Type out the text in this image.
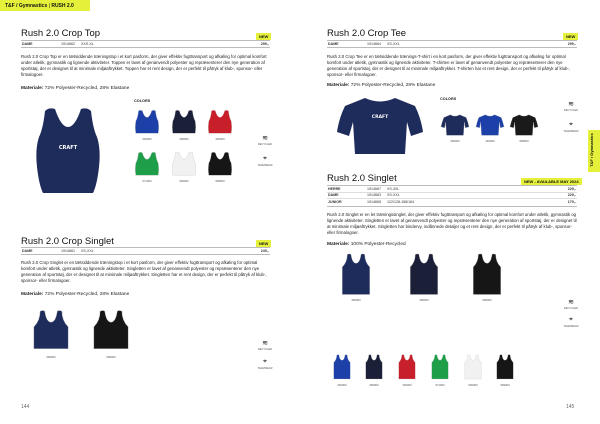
T&F / Gymnastics | RUSH 2.0
Rush 2.0 Crop Top	NEW
DAME	1914662	XXS-XL	299,-
Rush 2.0 Crop Top er en tætsiddende træningstop i et kort pasform, der giver effektiv fugttransport og afkøling for optimal komfort under atletik, gymnastik og lignende aktiviteter. Toppen er lavet af genanvendt polyester og repræsenterer den nye generation af sportstøj, der er designet til at minimale miljøaftrykket. Toppen har et rent design, der er perfekt til påtryk af klub-, sponsor- eller firmalogoer.
Materiale: 72% Polyester-Recycled, 28% Elastane
CRAFT
COLORS
392000	396000	430000
671000	900000	999000
≋
RECYCLED
⌖
TEAMWEAR
Rush 2.0 Crop Singlet	NEW
DAME	1914661	XS-XXL	249,-
Rush 2.0 Crop Singlet er en tætsiddende træningstop i et kort pasform, der giver effektiv fugttransport og afkøling for optimal komfort under atletik, gymnastik og lignende aktiviteter. Singletten er lavet af genanvendt polyester og repræsenterer den nye generation af sportstøj, der er designet til at minimale miljøaftrykket. Singletten har et rent design, der er perfekt til påtryk af klub-, sponsor- eller firmalogoer.
Materiale: 72% Polyester-Recycled, 28% Elastane
396000	999000
≋
RECYCLED
⌖
TEAMWEAR
144
Rush 2.0 Crop Tee	NEW
DAME	1914664	XS-XXL	299,-
Rush 2.0 Crop Tee er en tætsiddende trænings-T-shirt i en kort pasform, der giver effektiv fugttransport og afkøling for optimal komfort under atletik, gymnastik og lignende aktiviteter. T-shirten er lavet af genanvendt polyester og repræsenterer den nye generation af sportstøj, der er designet til at minimale miljøaftrykket. T-shirten har et rent design, der er perfekt til påtryk af klub-, sponsor- eller firmalogoer.
Materiale: 72% Polyester-Recycled, 28% Elastane
CRAFT
COLORS
396000	392000	999000
≋
RECYCLED
⌖
TEAMWEAR
T&F / Gymnastics
Rush 2.0 Singlet	NEW - AVAILABLE MAY 2024
HERRE	1914667	XS-3XL	229,-
DAME	1914663	XS-XXL	229,-
JUNIOR	1914665	122/128-158/164	179,-
Rush 2.0 Singlet er en let træningssinglet, der giver effektiv fugttransport og afkøling for optimal komfort under atletik, gymnastik og lignende aktiviteter. Singletten er lavet af genanvendt polyester og repræsenterer den nye generation af sportstøj, der er designet til at minimale miljøaftrykket. Singletten har bindervy, indånnede detaljer og et rent design, der er perfekt til påtryk af klub-, sponsor- eller firmalogoer.
Materiale: 100% Polyester-Recycled
396000	396000	999000
392000	396000	430000	671000	900000	999000
≋
RECYCLED
⌖
TEAMWEAR
145
